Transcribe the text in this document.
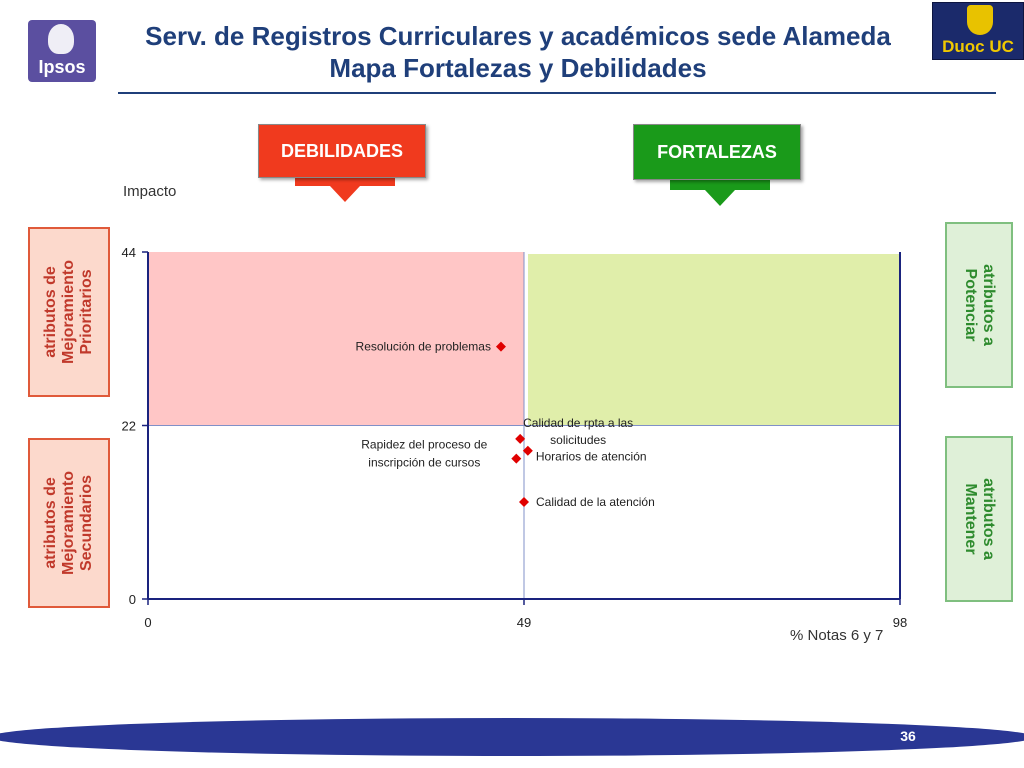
Ipsos
Duoc UC
Serv. de Registros Curriculares y académicos sede Alameda
Mapa Fortalezas y Debilidades
DEBILIDADES	FORTALEZAS
atributos de
Mejoramiento
Prioritarios
atributos de
Mejoramiento
Secundarios
atributos a
Potenciar
atributos a
Mantener
Impacto
% Notas 6 y 7
0
22
44
0	49	98
Resolución de problemas
Calidad de rpta a las solicitudes
Horarios de atención
Rapidez del proceso de inscripción de cursos
Calidad de la atención
36
